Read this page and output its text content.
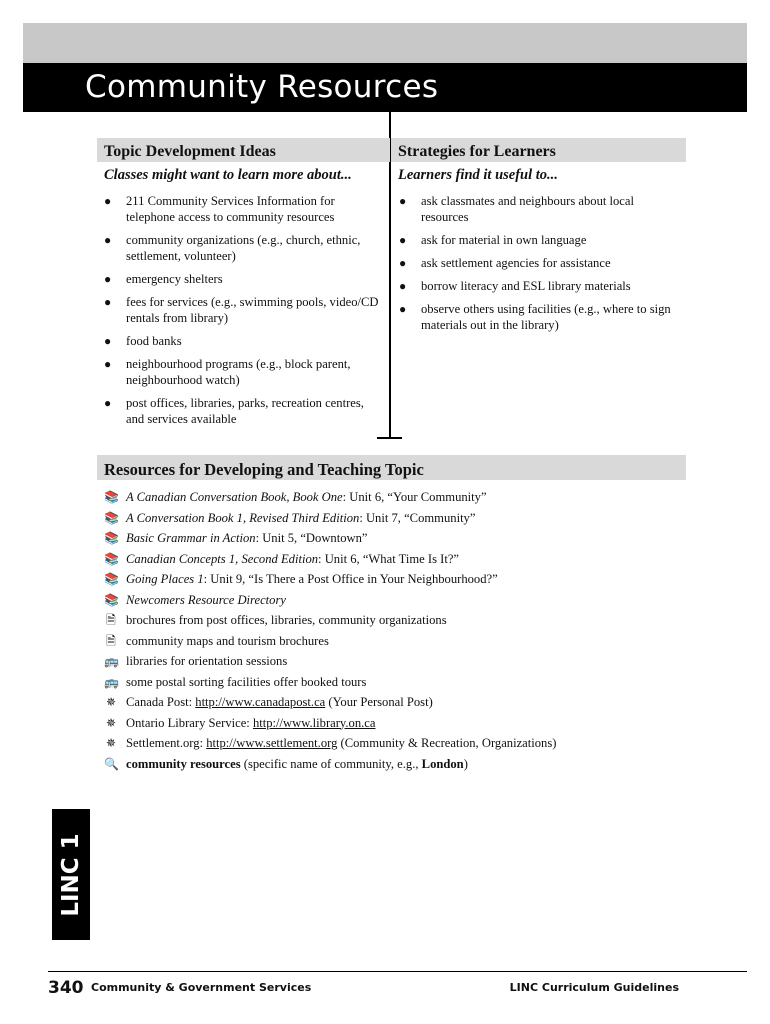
Community Resources
Topic Development Ideas
Classes might want to learn more about...
● 211 Community Services Information for telephone access to community resources
● community organizations (e.g., church, ethnic, settlement, volunteer)
● emergency shelters
● fees for services (e.g., swimming pools, video/CD rentals from library)
● food banks
● neighbourhood programs (e.g., block parent, neighbourhood watch)
● post offices, libraries, parks, recreation centres, and services available
Strategies for Learners
Learners find it useful to...
● ask classmates and neighbours about local resources
● ask for material in own language
● ask settlement agencies for assistance
● borrow literacy and ESL library materials
● observe others using facilities (e.g., where to sign materials out in the library)
Resources for Developing and Teaching Topic
📚 A Canadian Conversation Book, Book One: Unit 6, “Your Community”
📚 A Conversation Book 1, Revised Third Edition: Unit 7, “Community”
📚 Basic Grammar in Action: Unit 5, “Downtown”
📚 Canadian Concepts 1, Second Edition: Unit 6, “What Time Is It?”
📚 Going Places 1: Unit 9, “Is There a Post Office in Your Neighbourhood?”
📚 Newcomers Resource Directory
🗎 brochures from post offices, libraries, community organizations
🗎 community maps and tourism brochures
🚌 libraries for orientation sessions
🚌 some postal sorting facilities offer booked tours
✵ Canada Post: http://www.canadapost.ca (Your Personal Post)
✵ Ontario Library Service: http://www.library.on.ca
✵ Settlement.org: http://www.settlement.org (Community & Recreation, Organizations)
🔍 community resources (specific name of community, e.g., London)
LINC 1
340 Community & Government Services	LINC Curriculum Guidelines
